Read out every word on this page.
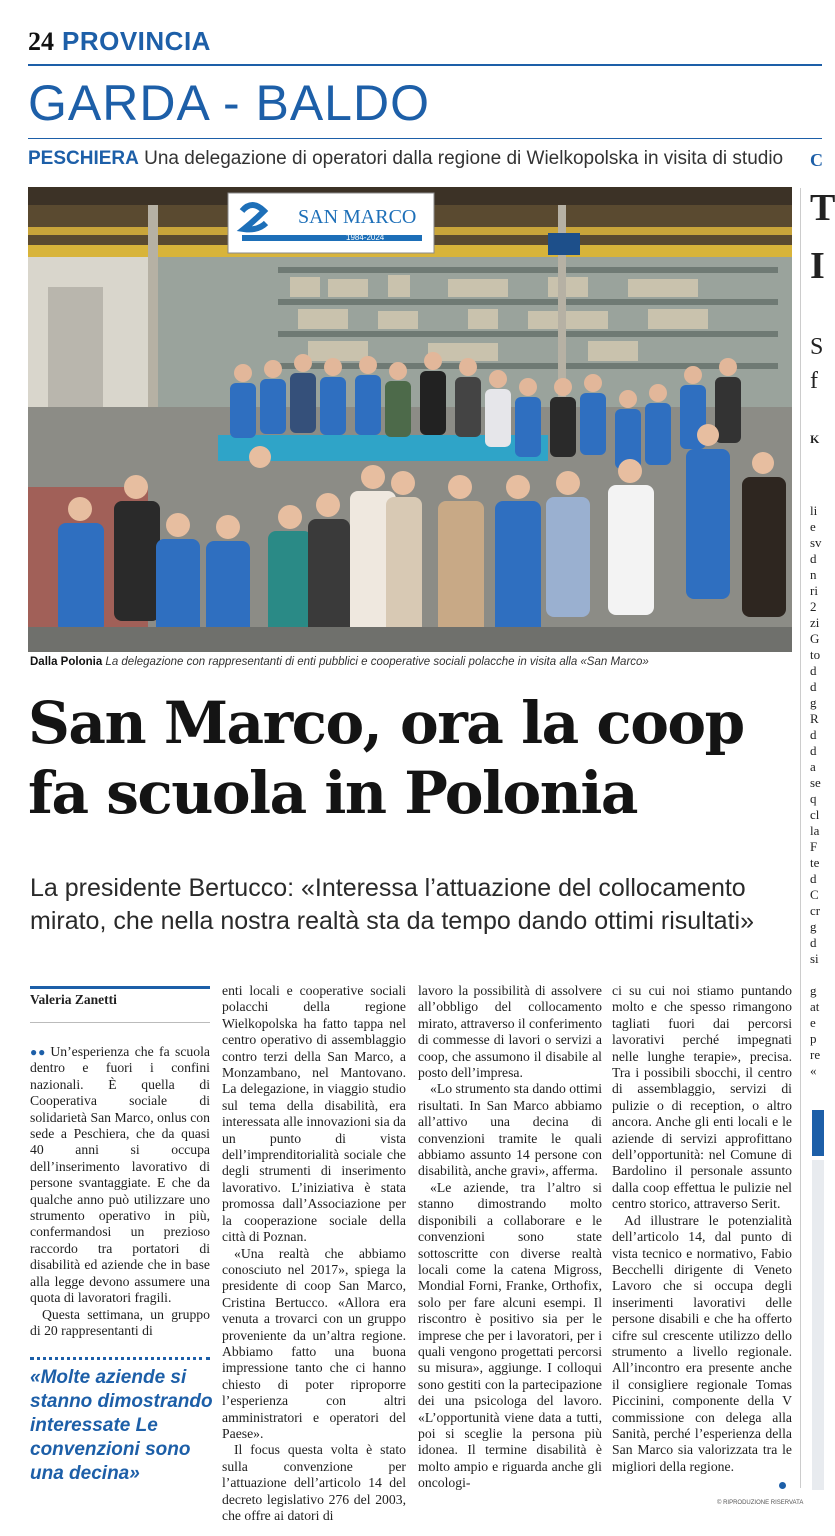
24 PROVINCIA
GARDA - BALDO
PESCHIERA Una delegazione di operatori dalla regione di Wielkopolska in visita di studio
SAN MARCO
1984-2024
Dalla Polonia La delegazione con rappresentanti di enti pubblici e cooperative sociali polacche in visita alla «San Marco»
San Marco, ora la coop
fa scuola in Polonia
La presidente Bertucco: «Interessa l’attuazione del collocamento
mirato, che nella nostra realtà sta da tempo dando ottimi risultati»
Valeria Zanetti

●● Un’esperienza che fa scuola dentro e fuori i confini nazionali. È quella di Cooperativa sociale di solidarietà San Marco, onlus con sede a Peschiera, che da quasi 40 anni si occupa dell’inserimento lavorativo di persone svantaggiate. E che da qualche anno può utilizzare uno strumento operativo in più, confermandosi un prezioso raccordo tra portatori di disabilità ed aziende che in base alla legge devono assumere una quota di lavoratori fragili.

Questa settimana, un gruppo di 20 rappresentanti di

«Molte aziende si stanno dimostrando interessate Le convenzioni sono una decina»

enti locali e cooperative sociali polacchi della regione Wielkopolska ha fatto tappa nel centro operativo di assemblaggio contro terzi della San Marco, a Monzambano, nel Mantovano. La delegazione, in viaggio studio sul tema della disabilità, era interessata alle innovazioni sia da un punto di vista dell’imprenditorialità sociale che degli strumenti di inserimento lavorativo. L’iniziativa è stata promossa dall’Associazione per la cooperazione sociale della città di Poznan.

«Una realtà che abbiamo conosciuto nel 2017», spiega la presidente di coop San Marco, Cristina Bertucco. «Allora era venuta a trovarci con un gruppo proveniente da un’altra regione. Abbiamo fatto una buona impressione tanto che ci hanno chiesto di poter riproporre l’esperienza con altri amministratori e operatori del Paese».

Il focus questa volta è stato sulla convenzione per l’attuazione dell’articolo 14 del decreto legislativo 276 del 2003, che offre ai datori di

lavoro la possibilità di assolvere all’obbligo del collocamento mirato, attraverso il conferimento di commesse di lavori o servizi a coop, che assumono il disabile al posto dell’impresa.

«Lo strumento sta dando ottimi risultati. In San Marco abbiamo all’attivo una decina di convenzioni tramite le quali abbiamo assunto 14 persone con disabilità, anche gravi», afferma.

«Le aziende, tra l’altro si stanno dimostrando molto disponibili a collaborare e le convenzioni sono state sottoscritte con diverse realtà locali come la catena Migross, Mondial Forni, Franke, Orthofix, solo per fare alcuni esempi. Il riscontro è positivo sia per le imprese che per i lavoratori, per i quali vengono progettati percorsi su misura», aggiunge. I colloqui sono gestiti con la partecipazione dei una psicologa del lavoro. «L’opportunità viene data a tutti, poi si sceglie la persona più idonea. Il termine disabilità è molto ampio e riguarda anche gli oncologi-

ci su cui noi stiamo puntando molto e che spesso rimangono tagliati fuori dai percorsi lavorativi perché impegnati nelle lunghe terapie», precisa. Tra i possibili sbocchi, il centro di assemblaggio, servizi di pulizie o di reception, o altro ancora. Anche gli enti locali e le aziende di servizi approfittano dell’opportunità: nel Comune di Bardolino il personale assunto dalla coop effettua le pulizie nel centro storico, attraverso Serit.

Ad illustrare le potenzialità dell’articolo 14, dal punto di vista tecnico e normativo, Fabio Becchelli dirigente di Veneto Lavoro che si occupa degli inserimenti lavorativi delle persone disabili e che ha offerto cifre sul crescente utilizzo dello strumento a livello regionale. All’incontro era presente anche il consigliere regionale Tomas Piccinini, componente della V commissione con delega alla Sanità, perché l’esperienza della San Marco sia valorizzata tra le migliori della regione.

© RIPRODUZIONE RISERVATA
C
T
I
S
f
K
li
e
sv
d
n
ri
2
zi
G
to
d
d
g
R
d
d
a
se
q
cl
la
F
te
d
C
cr
g
d
si
g
at
e
p
re
«
